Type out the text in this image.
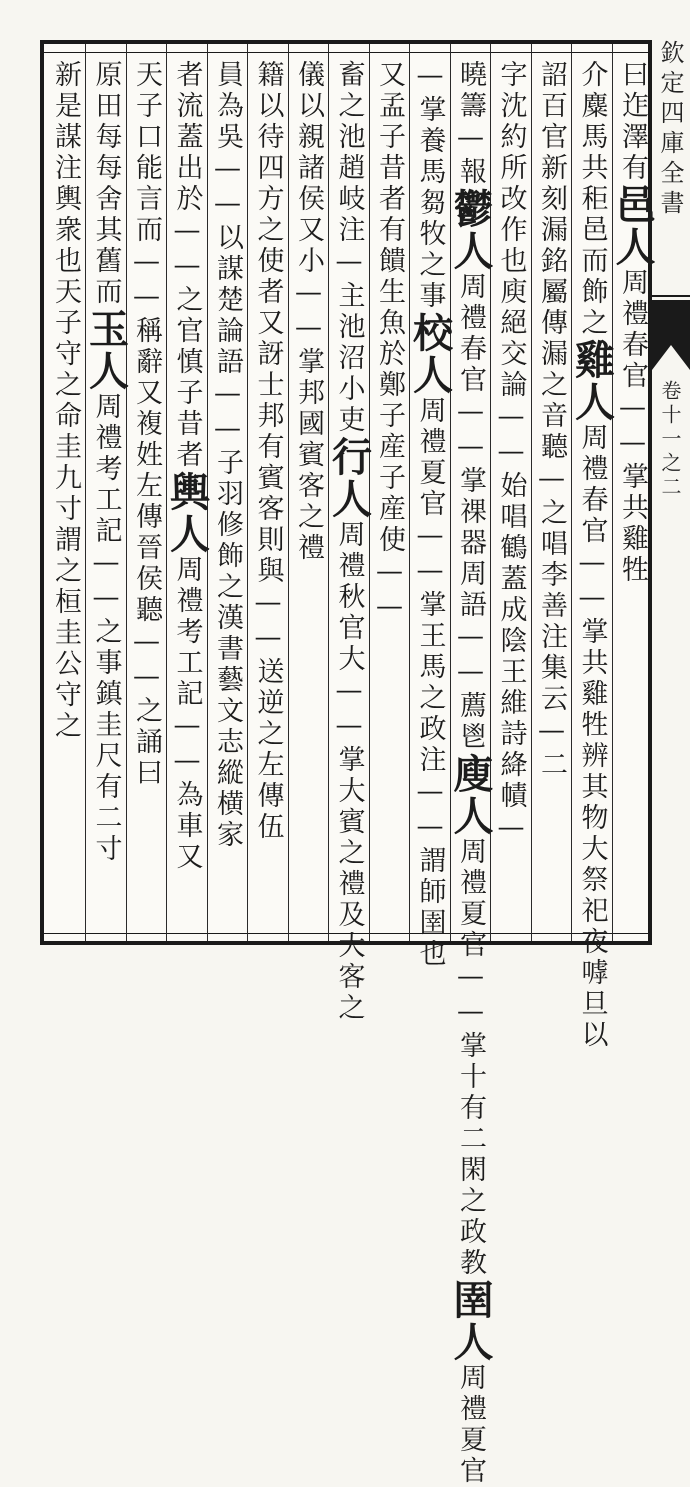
欽定四庫全書
卷十一之二
曰迮澤有邑人周禮春官——掌共雞牲
介麋馬共秬邑而飾之雞人周禮春官——掌共雞牲辨其物大祭祀夜嘑旦以
詔百官新刻漏銘屬傳漏之音聽—之唱李善注集云—二
字沈約所改作也庾絕交論——始唱鶴蓋成陰王維詩絳幘—
曉籌—報鬱人周禮春官——掌祼器周語——薦鬯廋人周禮夏官——掌十有二閑之政教圉人周禮夏官
—掌養馬芻牧之事校人周禮夏官——掌王馬之政注——謂師圉也
又孟子昔者有饋生魚於鄭子産子産使——
畜之池趙岐注—主池沼小吏行人周禮秋官大——掌大賓之禮及大客之
儀以親諸侯又小——掌邦國賓客之禮
籍以待四方之使者又訝士邦有賓客則與——送逆之左傳伍
員為吳——以謀楚論語——子羽修飾之漢書藝文志縱横家
者流蓋出於——之官慎子昔者輿人周禮考工記——為車又
天子口能言而——稱辭又複姓左傳晉侯聽——之誦曰
原田每每舍其舊而玉人周禮考工記——之事鎮圭尺有二寸
新是謀注輿衆也天子守之命圭九寸謂之桓圭公守之
